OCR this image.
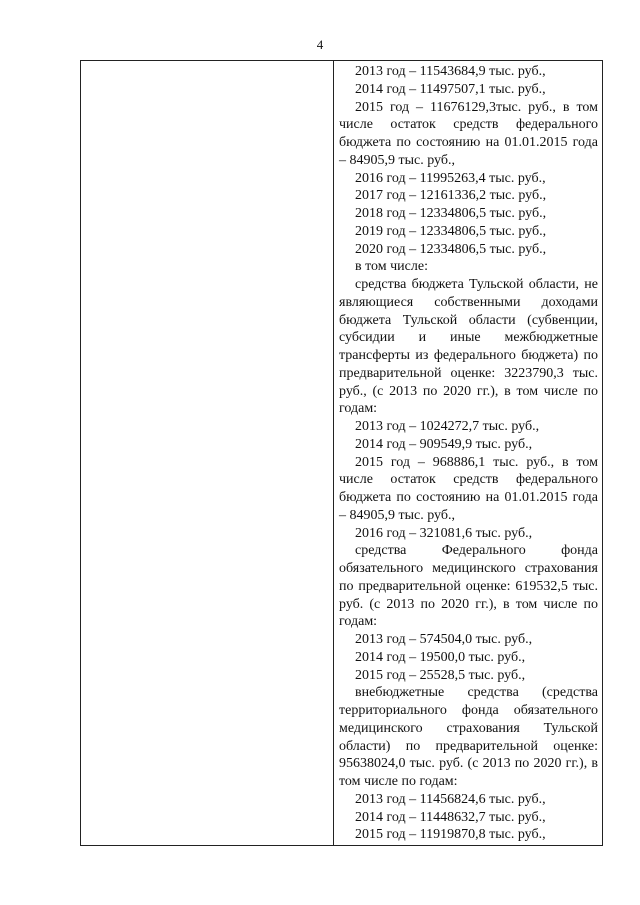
4
2013 год – 11543684,9 тыс. руб.,
2014 год – 11497507,1 тыс. руб.,
2015 год – 11676129,3тыс. руб., в том числе остаток средств федерального бюджета по состоянию на 01.01.2015 года – 84905,9 тыс. руб.,
2016 год – 11995263,4 тыс. руб.,
2017 год – 12161336,2 тыс. руб.,
2018 год – 12334806,5 тыс. руб.,
2019 год – 12334806,5 тыс. руб.,
2020 год – 12334806,5 тыс. руб.,
в том числе:
средства бюджета Тульской области, не являющиеся собственными доходами бюджета Тульской области (субвенции, субсидии и иные межбюджетные трансферты из федерального бюджета) по предварительной оценке: 3223790,3 тыс. руб., (с 2013 по 2020 гг.), в том числе по годам:
2013 год – 1024272,7 тыс. руб.,
2014 год – 909549,9 тыс. руб.,
2015 год – 968886,1 тыс. руб., в том числе остаток средств федерального бюджета по состоянию на 01.01.2015 года – 84905,9 тыс. руб.,
2016 год – 321081,6 тыс. руб.,
средства Федерального фонда обязательного медицинского страхования по предварительной оценке: 619532,5 тыс. руб. (с 2013 по 2020 гг.), в том числе по годам:
2013 год – 574504,0 тыс. руб.,
2014 год – 19500,0 тыс. руб.,
2015 год – 25528,5 тыс. руб.,
внебюджетные средства (средства территориального фонда обязательного медицинского страхования Тульской области) по предварительной оценке: 95638024,0 тыс. руб. (с 2013 по 2020 гг.), в том числе по годам:
2013 год – 11456824,6 тыс. руб.,
2014 год – 11448632,7 тыс. руб.,
2015 год – 11919870,8 тыс. руб.,
